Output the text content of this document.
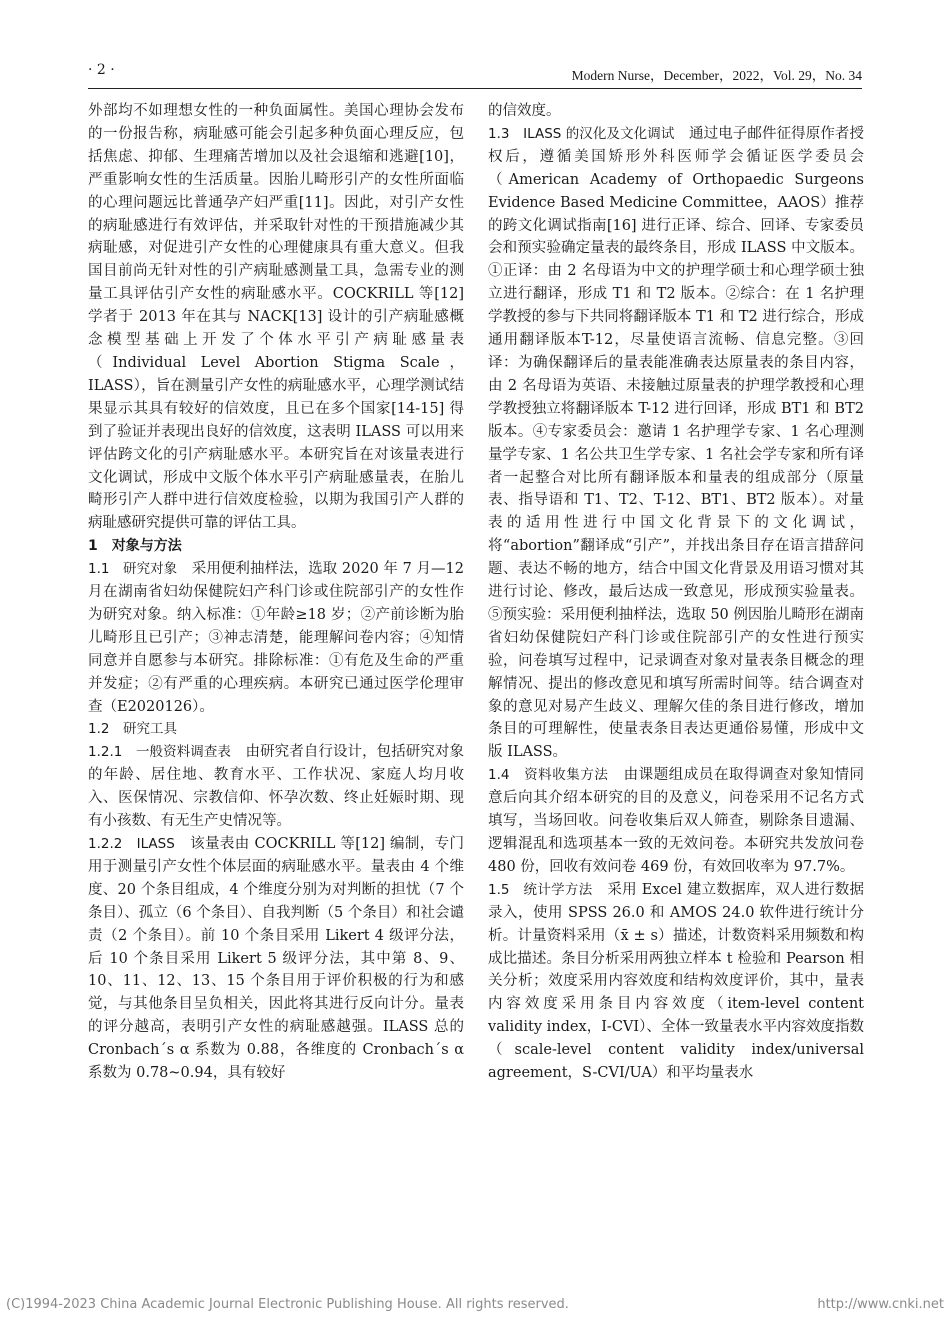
· 2 ·	Modern Nurse，December，2022，Vol. 29，No. 34

外部均不如理想女性的一种负面属性。美国心理协会发布的一份报告称，病耻感可能会引起多种负面心理反应，包括焦虑、抑郁、生理痛苦增加以及社会退缩和逃避[10]，严重影响女性的生活质量。因胎儿畸形引产的女性所面临的心理问题远比普通孕产妇严重[11]。因此，对引产女性的病耻感进行有效评估，并采取针对性的干预措施减少其病耻感，对促进引产女性的心理健康具有重大意义。但我国目前尚无针对性的引产病耻感测量工具，急需专业的测量工具评估引产女性的病耻感水平。COCKRILL 等[12] 学者于 2013 年在其与 NACK[13] 设计的引产病耻感概念模型基础上开发了个体水平引产病耻感量表（Individual Level Abortion Stigma Scale，ILASS），旨在测量引产女性的病耻感水平，心理学测试结果显示其具有较好的信效度，且已在多个国家[14-15] 得到了验证并表现出良好的信效度，这表明 ILASS 可以用来评估跨文化的引产病耻感水平。本研究旨在对该量表进行文化调试，形成中文版个体水平引产病耻感量表，在胎儿畸形引产人群中进行信效度检验，以期为我国引产人群的病耻感研究提供可靠的评估工具。

1　对象与方法

1.1　研究对象　 采用便利抽样法，选取 2020 年 7 月—12 月在湖南省妇幼保健院妇产科门诊或住院部引产的女性作为研究对象。纳入标准：①年龄≥18 岁；②产前诊断为胎儿畸形且已引产；③神志清楚，能理解问卷内容；④知情同意并自愿参与本研究。排除标准：①有危及生命的严重并发症；②有严重的心理疾病。本研究已通过医学伦理审查（E2020126）。

1.2　研究工具

1.2.1　一般资料调查表　 由研究者自行设计，包括研究对象的年龄、居住地、教育水平、工作状况、家庭人均月收入、医保情况、宗教信仰、怀孕次数、终止妊娠时期、现有小孩数、有无生产史情况等。

1.2.2　ILASS　 该量表由 COCKRILL 等[12] 编制，专门用于测量引产女性个体层面的病耻感水平。量表由 4 个维度、20 个条目组成，4 个维度分别为对判断的担忧（7 个条目）、孤立（6 个条目）、自我判断（5 个条目）和社会谴责（2 个条目）。前 10 个条目采用 Likert 4 级评分法，后 10 个条目采用 Likert 5 级评分法，其中第 8、9、10、11、12、13、15 个条目用于评价积极的行为和感觉，与其他条目呈负相关，因此将其进行反向计分。量表的评分越高，表明引产女性的病耻感越强。ILASS 总的 Cronbach´s α 系数为 0.88，各维度的 Cronbach´s α 系数为 0.78~0.94，具有较好

的信效度。

1.3　ILASS 的汉化及文化调试　 通过电子邮件征得原作者授权后，遵循美国矫形外科医师学会循证医学委员会（American Academy of Orthopaedic Surgeons Evidence Based Medicine Committee，AAOS）推荐的跨文化调试指南[16] 进行正译、综合、回译、专家委员会和预实验确定量表的最终条目，形成 ILASS 中文版本。①正译：由 2 名母语为中文的护理学硕士和心理学硕士独立进行翻译，形成 T1 和 T2 版本。②综合：在 1 名护理学教授的参与下共同将翻译版本 T1 和 T2 进行综合，形成通用翻译版本T-12，尽量使语言流畅、信息完整。③回译：为确保翻译后的量表能准确表达原量表的条目内容，由 2 名母语为英语、未接触过原量表的护理学教授和心理学教授独立将翻译版本 T-12 进行回译，形成 BT1 和 BT2 版本。④专家委员会：邀请 1 名护理学专家、1 名心理测量学专家、1 名公共卫生学专家、1 名社会学专家和所有译者一起整合对比所有翻译版本和量表的组成部分（原量表、指导语和 T1、T2、T-12、BT1、BT2 版本）。对量表的适用性进行中国文化背景下的文化调试，将“abortion”翻译成“引产”，并找出条目存在语言措辞问题、表达不畅的地方，结合中国文化背景及用语习惯对其进行讨论、修改，最后达成一致意见，形成预实验量表。⑤预实验：采用便利抽样法，选取 50 例因胎儿畸形在湖南省妇幼保健院妇产科门诊或住院部引产的女性进行预实验，问卷填写过程中，记录调查对象对量表条目概念的理解情况、提出的修改意见和填写所需时间等。结合调查对象的意见对易产生歧义、理解欠佳的条目进行修改，增加条目的可理解性，使量表条目表达更通俗易懂，形成中文版 ILASS。

1.4　资料收集方法　 由课题组成员在取得调查对象知情同意后向其介绍本研究的目的及意义，问卷采用不记名方式填写，当场回收。问卷收集后双人筛查，剔除条目遗漏、逻辑混乱和选项基本一致的无效问卷。本研究共发放问卷 480 份，回收有效问卷 469 份，有效回收率为 97.7%。

1.5　统计学方法　 采用 Excel 建立数据库，双人进行数据录入，使用 SPSS 26.0 和 AMOS 24.0 软件进行统计分析。计量资料采用（x̄ ± s）描述，计数资料采用频数和构成比描述。条目分析采用两独立样本 t 检验和 Pearson 相关分析；效度采用内容效度和结构效度评价，其中，量表内容效度采用条目内容效度（item-level content validity index，I-CVI）、全体一致量表水平内容效度指数（scale-level content validity index/universal agreement，S-CVI/UA）和平均量表水

(C)1994-2023 China Academic Journal Electronic Publishing House. All rights reserved.	http://www.cnki.net
